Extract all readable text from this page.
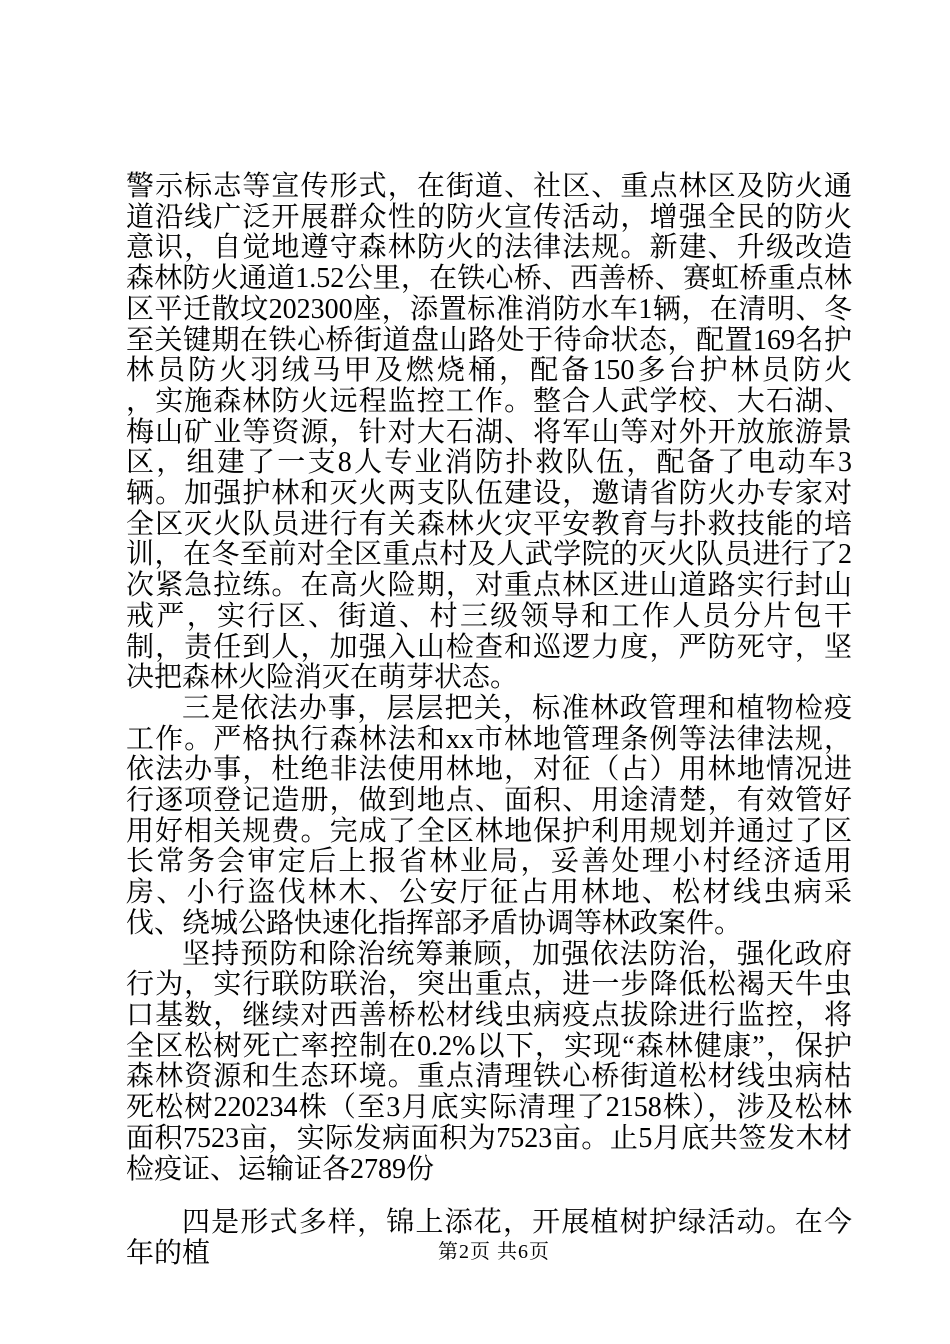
警示标志等宣传形式，在街道、社区、重点林区及防火通道沿线广泛开展群众性的防火宣传活动，增强全民的防火意识，自觉地遵守森林防火的法律法规。新建、升级改造森林防火通道1.52公里，在铁心桥、西善桥、赛虹桥重点林区平迁散坟202300座，添置标准消防水车1辆，在清明、冬至关键期在铁心桥街道盘山路处于待命状态，配置169名护林员防火羽绒马甲及燃烧桶，配备150多台护林员防火　　，实施森林防火远程监控工作。整合人武学校、大石湖、梅山矿业等资源，针对大石湖、将军山等对外开放旅游景区，组建了一支8人专业消防扑救队伍，配备了电动车3辆。加强护林和灭火两支队伍建设，邀请省防火办专家对全区灭火队员进行有关森林火灾平安教育与扑救技能的培训，在冬至前对全区重点村及人武学院的灭火队员进行了2次紧急拉练。在高火险期，对重点林区进山道路实行封山戒严，实行区、街道、村三级领导和工作人员分片包干制，责任到人，加强入山检查和巡逻力度，严防死守，坚决把森林火险消灭在萌芽状态。

三是依法办事，层层把关，标准林政管理和植物检疫工作。严格执行森林法和xx市林地管理条例等法律法规，依法办事，杜绝非法使用林地，对征（占）用林地情况进行逐项登记造册，做到地点、面积、用途清楚，有效管好用好相关规费。完成了全区林地保护利用规划并通过了区长常务会审定后上报省林业局，妥善处理小村经济适用房、小行盗伐林木、公安厅征占用林地、松材线虫病采伐、绕城公路快速化指挥部矛盾协调等林政案件。

坚持预防和除治统筹兼顾，加强依法防治，强化政府行为，实行联防联治，突出重点，进一步降低松褐天牛虫口基数，继续对西善桥松材线虫病疫点拔除进行监控，将全区松树死亡率控制在0.2%以下，实现“森林健康”，保护森林资源和生态环境。重点清理铁心桥街道松材线虫病枯死松树220234株（至3月底实际清理了2158株），涉及松林面积7523亩，实际发病面积为7523亩。止5月底共签发木材检疫证、运输证各2789份

四是形式多样，锦上添花，开展植树护绿活动。在今年的植	第2页 共6页
